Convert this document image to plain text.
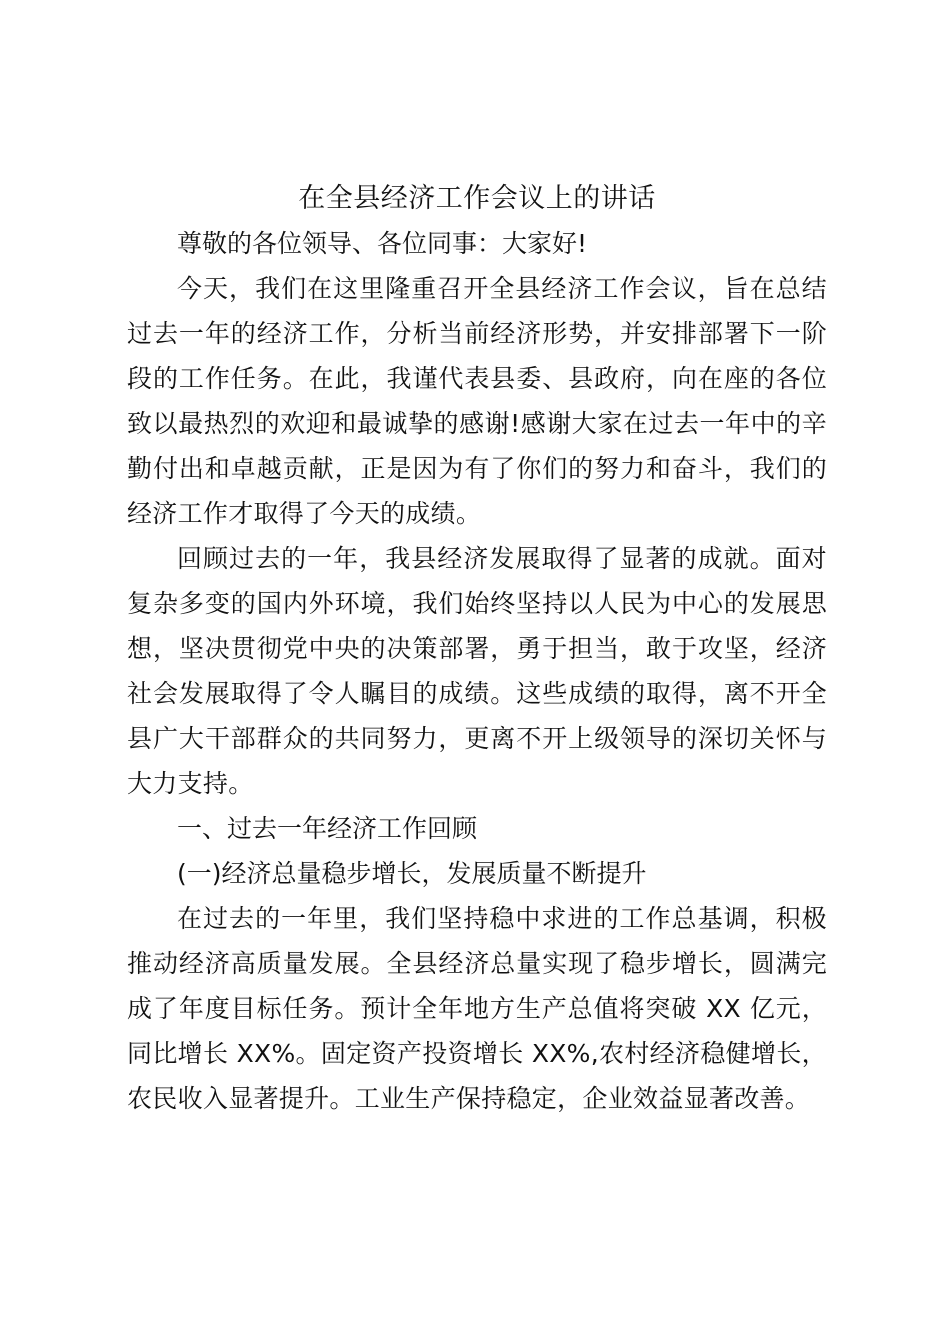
在全县经济工作会议上的讲话

尊敬的各位领导、各位同事：大家好!

今天，我们在这里隆重召开全县经济工作会议，旨在总结过去一年的经济工作，分析当前经济形势，并安排部署下一阶段的工作任务。在此，我谨代表县委、县政府，向在座的各位致以最热烈的欢迎和最诚挚的感谢!感谢大家在过去一年中的辛勤付出和卓越贡献，正是因为有了你们的努力和奋斗，我们的经济工作才取得了今天的成绩。

回顾过去的一年，我县经济发展取得了显著的成就。面对复杂多变的国内外环境，我们始终坚持以人民为中心的发展思想，坚决贯彻党中央的决策部署，勇于担当，敢于攻坚，经济社会发展取得了令人瞩目的成绩。这些成绩的取得，离不开全县广大干部群众的共同努力，更离不开上级领导的深切关怀与大力支持。

一、过去一年经济工作回顾

(一)经济总量稳步增长，发展质量不断提升

在过去的一年里，我们坚持稳中求进的工作总基调，积极推动经济高质量发展。全县经济总量实现了稳步增长，圆满完成了年度目标任务。预计全年地方生产总值将突破 XX 亿元，同比增长 XX%。固定资产投资增长 XX%,农村经济稳健增长，农民收入显著提升。工业生产保持稳定，企业效益显著改善。
